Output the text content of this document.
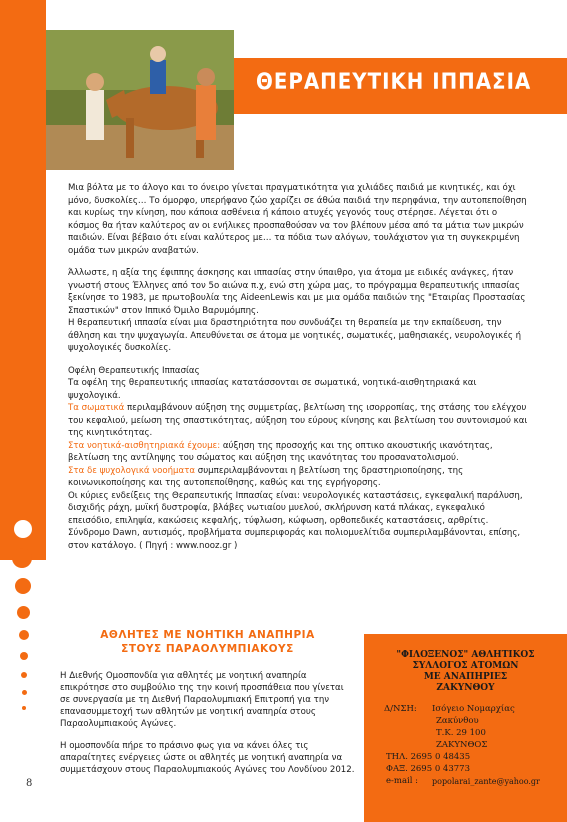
ΘΕΡΑΠΕΥΤΙΚΗ ΙΠΠΑΣΙΑ

Μια βόλτα με το άλογο και το όνειρο γίνεται πραγματικότητα για χιλιάδες παιδιά με κινητικές, και όχι μόνο, δυσκολίες… Το όμορφο, υπερήφανο ζώο χαρίζει σε άθώα παιδιά την περηφάνια, την αυτοπεποίθηση και κυρίως την κίνηση, που κάποια ασθένεια ή κάποιο ατυχές γεγονός τους στέρησε. Λέγεται ότι ο κόσμος θα ήταν καλύτερος αν οι ενήλικες προσπαθούσαν να τον βλέπουν μέσα από τα μάτια των μικρών παιδιών. Είναι βέβαιο ότι είναι καλύτερος με… τα πόδια των αλόγων, τουλάχιστον για τη συγκεκριμένη ομάδα των μικρών αναβατών.

Άλλωστε, η αξία της έφιππης άσκησης και ιππασίας στην ύπαιθρο, για άτομα με ειδικές ανάγκες, ήταν γνωστή στους Έλληνες από τον 5ο αιώνα π.χ, ενώ στη χώρα μας, το πρόγραμμα θεραπευτικής ιππασίας ξεκίνησε το 1983, με πρωτοβουλία της AideenLewis και με μια ομάδα παιδιών της "Εταιρίας Προστασίας Σπαστικών" στον Ιππικό Όμιλο Βαρυμόμπης.

Η θεραπευτική ιππασία είναι μια δραστηριότητα που συνδυάζει τη θεραπεία με την εκπαίδευση, την άθληση και την ψυχαγωγία. Απευθύνεται σε άτομα με νοητικές, σωματικές, μαθησιακές, νευρολογικές ή ψυχολογικές δυσκολίες.

Οφέλη Θεραπευτικής Ιππασίας
Τα οφέλη της θεραπευτικής ιππασίας κατατάσσονται σε σωματικά, νοητικά-αισθητηριακά και ψυχολογικά.
Τα σωματικά περιλαμβάνουν αύξηση της συμμετρίας, βελτίωση της ισορροπίας, της στάσης του ελέγχου του κεφαλιού, μείωση της σπαστικότητας, αύξηση του εύρους κίνησης και βελτίωση του συντονισμού και της κινητικότητας.
Στα νοητικά-αισθητηριακά έχουμε: αύξηση της προσοχής και της οπτικο ακουστικής ικανότητας, βελτίωση της αντίληψης του σώματος και αύξηση της ικανότητας του προσανατολισμού.
Στα δε ψυχολογικά νοοήματα συμπεριλαμβάνονται η βελτίωση της δραστηριοποίησης, της κοινωνικοποίησης και της αυτοπεποίθησης, καθώς και της εγρήγορσης.
Οι κύριες ενδείξεις της Θεραπευτικής Ιππασίας είναι: νευρολογικές καταστάσεις, εγκεφαλική παράλυση, δισχιδής ράχη, μυϊκή δυστροφία, βλάβες νωτιαίου μυελού, σκλήρυνση κατά πλάκας, εγκεφαλικό επεισόδιο, επιληψία, κακώσεις κεφαλής, τύφλωση, κώφωση, ορθοπεδικές καταστάσεις, αρθρίτις. Σύνδρομο Dawn, αυτισμός, προβλήματα συμπεριφοράς και πολιομυελίτιδα συμπεριλαμβάνονται, επίσης, στον κατάλογο. ( Πηγή : www.nooz.gr )
ΑΘΛΗΤΕΣ ΜΕ ΝΟΗΤΙΚΗ ΑΝΑΠΗΡΙΑ
ΣΤΟΥΣ ΠΑΡΑΟΛΥΜΠΙΑΚΟΥΣ

Η Διεθνής Ομοσπονδία για αθλητές με νοητική αναπηρία επικρότησε στο συμβούλιο της την κοινή προσπάθεια που γίνεται σε συνεργασία με τη Διεθνή Παραολυμπιακή Επιτροπή για την επανασυμμετοχή των αθλητών με νοητική αναπηρία στους Παραολυμπιακούς Αγώνες.

Η ομοσπονδία πήρε το πράσινο φως για να κάνει όλες τις απαραίτητες ενέργειες ώστε οι αθλητές με νοητική αναπηρία να συμμετάσχουν στους Παραολυμπιακούς Αγώνες του Λονδίνου 2012.

8
"ΦΙΛΟΞΕΝΟΣ" ΑΘΛΗΤΙΚΟΣ
ΣΥΛΛΟΓΟΣ ΑΤΟΜΩΝ
ΜΕ ΑΝΑΠΗΡΙΕΣ
ΖΑΚΥΝΘΟΥ
Δ/ΝΣΗ: Ισόγειο Νομαρχίας
Ζακύνθου
Τ.Κ. 29 100
ΖΑΚΥΝΘΟΣ
ΤΗΛ. 2695 0 48435
ΦΑΞ. 2695 0 43773
e-mail : popolarai_zante@yahoo.gr
